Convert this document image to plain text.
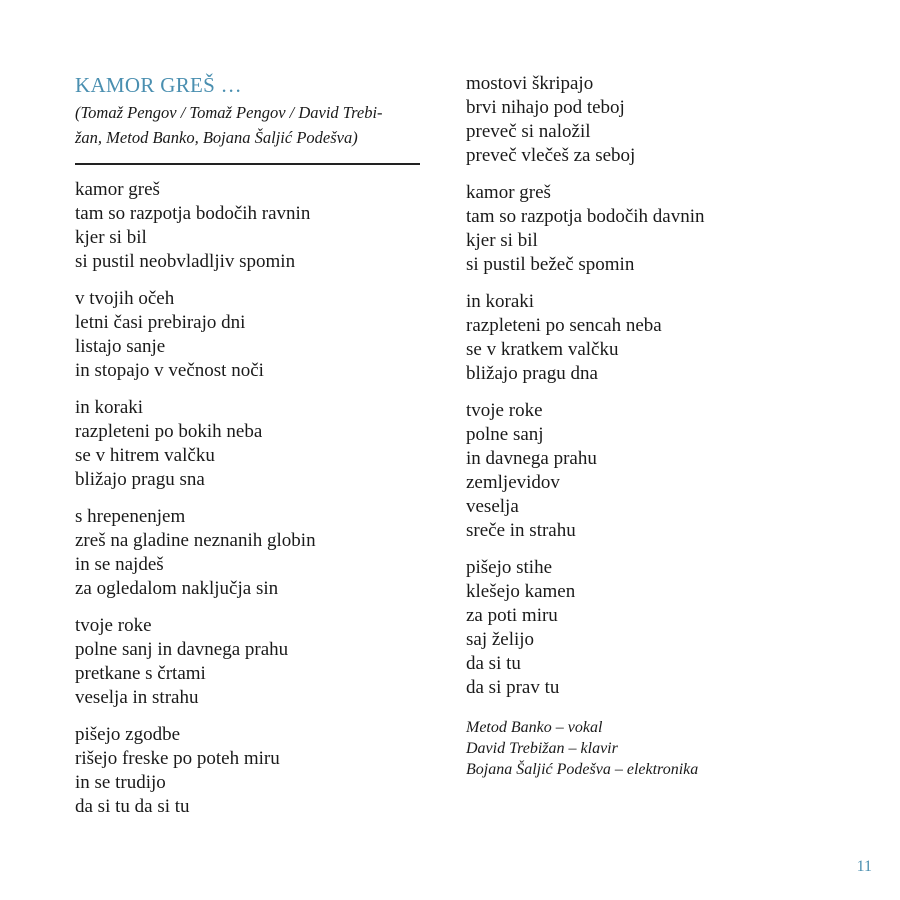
KAMOR GREŠ …
(Tomaž Pengov / Tomaž Pengov / David Trebi-
žan, Metod Banko, Bojana Šaljić Podešva)
kamor greš
tam so razpotja bodočih ravnin
kjer si bil
si pustil neobvladljiv spomin
v tvojih očeh
letni časi prebirajo dni
listajo sanje
in stopajo v večnost noči
in koraki
razpleteni po bokih neba
se v hitrem valčku
bližajo pragu sna
s hrepenenjem
zreš na gladine neznanih globin
in se najdeš
za ogledalom naključja sin
tvoje roke
polne sanj in davnega prahu
pretkane s črtami
veselja in strahu
pišejo zgodbe
rišejo freske po poteh miru
in se trudijo
da si tu da si tu
mostovi škripajo
brvi nihajo pod teboj
preveč si naložil
preveč vlečeš za seboj
kamor greš
tam so razpotja bodočih davnin
kjer si bil
si pustil bežeč spomin
in koraki
razpleteni po sencah neba
se v kratkem valčku
bližajo pragu dna
tvoje roke
polne sanj
in davnega prahu
zemljevidov
veselja
sreče in strahu
pišejo stihe
klešejo kamen
za poti miru
saj želijo
da si tu
da si prav tu
Metod Banko – vokal
David Trebižan – klavir
Bojana Šaljić Podešva – elektronika
11
